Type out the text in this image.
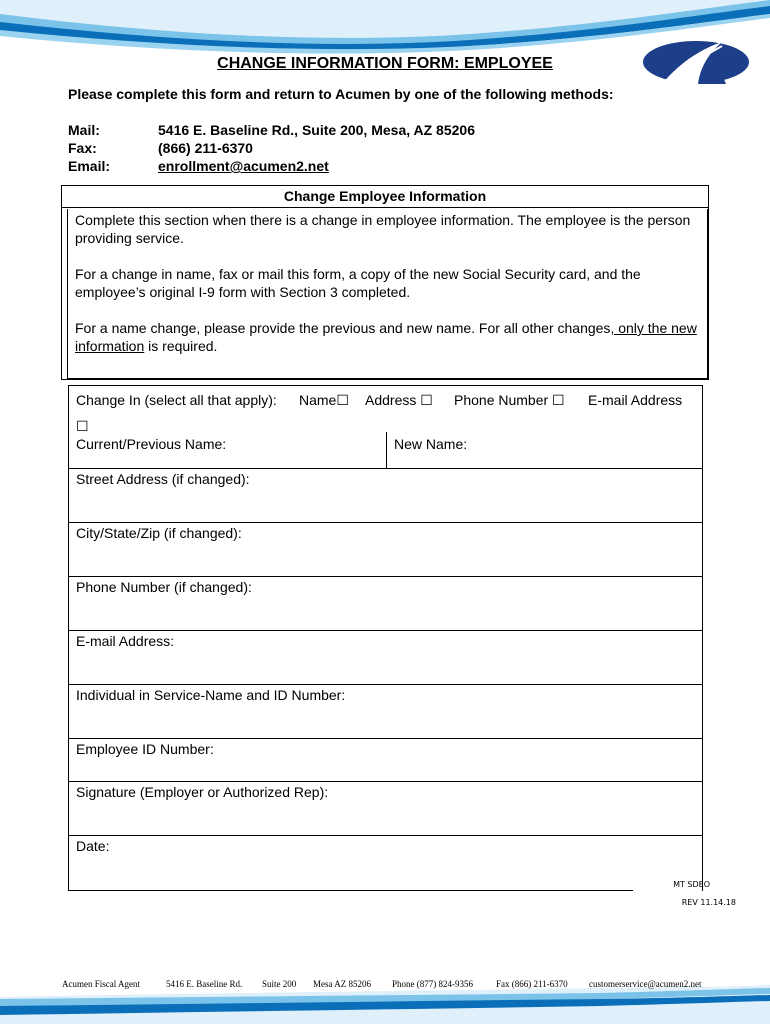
CHANGE INFORMATION FORM: EMPLOYEE
Please complete this form and return to Acumen by one of the following methods:
Mail:	5416 E. Baseline Rd., Suite 200, Mesa, AZ 85206
Fax:	(866) 211-6370
Email:	enrollment@acumen2.net
Change Employee Information
Complete this section when there is a change in employee information. The employee is the person providing service.
For a change in name, fax or mail this form, a copy of the new Social Security card, and the employee’s original I-9 form with Section 3 completed.
For a name change, please provide the previous and new name. For all other changes, only the new information is required.
Change In (select all that apply): Name☐ Address ☐ Phone Number ☐ E-mail Address
☐
Current/Previous Name:	New Name:
Street Address (if changed):
City/State/Zip (if changed):
Phone Number (if changed):
E-mail Address:
Individual in Service-Name and ID Number:
Employee ID Number:
Signature (Employer or Authorized Rep):
Date:
MT SDEO
REV 11.14.18
Acumen Fiscal Agent	5416 E. Baseline Rd. Suite 200 Mesa AZ 85206 Phone (877) 824-9356	Fax (866) 211-6370 customerservice@acumen2.net
